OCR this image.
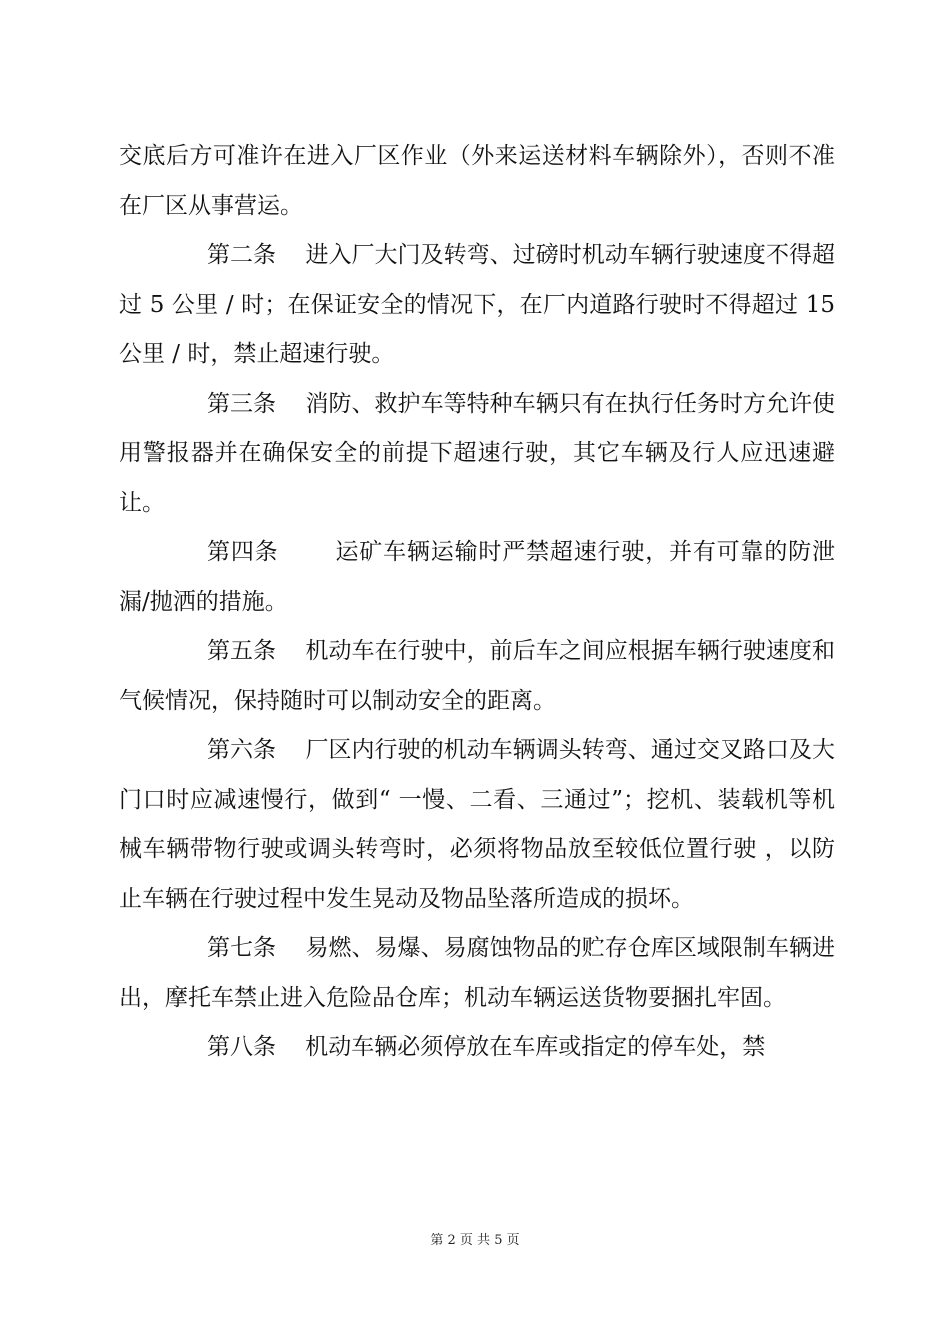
交底后方可准许在进入厂区作业（外来运送材料车辆除外），否则不准在厂区从事营运。

第二条 进入厂大门及转弯、过磅时机动车辆行驶速度不得超过 5 公里 / 时；在保证安全的情况下，在厂内道路行驶时不得超过 15 公里 / 时，禁止超速行驶。

第三条 消防、救护车等特种车辆只有在执行任务时方允许使用警报器并在确保安全的前提下超速行驶，其它车辆及行人应迅速避让。

第四条 运矿车辆运输时严禁超速行驶，并有可靠的防泄漏/抛洒的措施。

第五条 机动车在行驶中，前后车之间应根据车辆行驶速度和气候情况，保持随时可以制动安全的距离。

第六条 厂区内行驶的机动车辆调头转弯、通过交叉路口及大门口时应减速慢行，做到“ 一慢、二看、三通过”；挖机、装载机等机械车辆带物行驶或调头转弯时，必须将物品放至较低位置行驶 ，以防止车辆在行驶过程中发生晃动及物品坠落所造成的损坏。

第七条 易燃、易爆、易腐蚀物品的贮存仓库区域限制车辆进出，摩托车禁止进入危险品仓库；机动车辆运送货物要捆扎牢固。

第八条 机动车辆必须停放在车库或指定的停车处，禁

第 2 页 共 5 页
